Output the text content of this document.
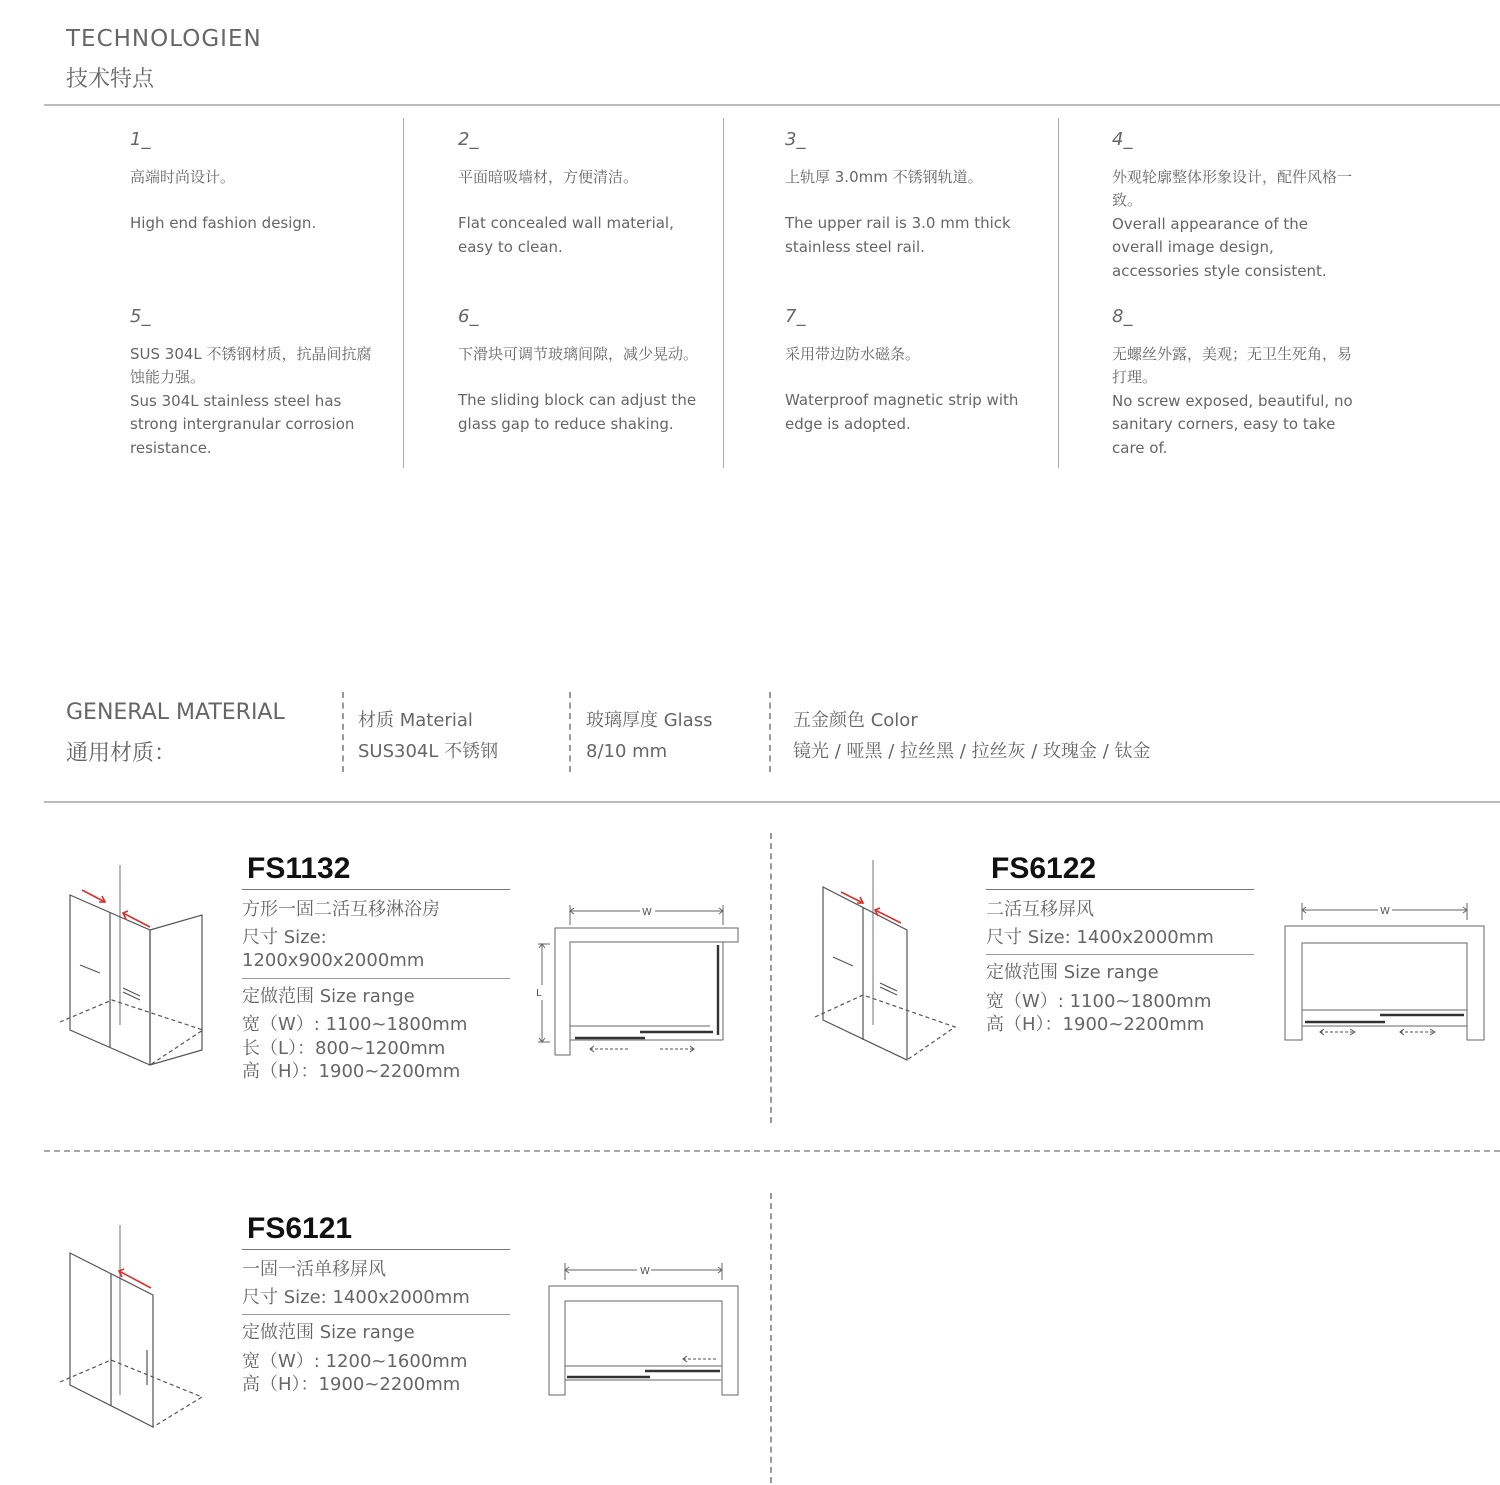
TECHNOLOGIEN
技术特点
1_
高端时尚设计。
High end fashion design.
2_
平面暗吸墙材，方便清洁。
Flat concealed wall material, easy to clean.
3_
上轨厚 3.0mm 不锈钢轨道。
The upper rail is 3.0 mm thick stainless steel rail.
4_
外观轮廓整体形象设计，配件风格一致。
Overall appearance of the overall image design, accessories style consistent.
5_
SUS 304L 不锈钢材质，抗晶间抗腐蚀能力强。
Sus 304L stainless steel has strong intergranular corrosion resistance.
6_
下滑块可调节玻璃间隙，减少晃动。
The sliding block can adjust the glass gap to reduce shaking.
7_
采用带边防水磁条。
Waterproof magnetic strip with edge is adopted.
8_
无螺丝外露，美观；无卫生死角，易打理。
No screw exposed, beautiful, no sanitary corners, easy to take care of.
GENERAL MATERIAL
通用材质：
材质 Material
SUS304L 不锈钢
玻璃厚度 Glass
8/10 mm
五金颜色 Color
镜光 / 哑黑 / 拉丝黑 / 拉丝灰 / 玫瑰金 / 钛金
FS1132
方形一固二活互移淋浴房
尺寸 Size: 1200x900x2000mm
定做范围 Size range
宽（W）: 1100~1800mm
长（L）：800~1200mm
高（H）：1900~2200mm
W
L
FS6122
二活互移屏风
尺寸 Size: 1400x2000mm
定做范围 Size range
宽（W）: 1100~1800mm
高（H）：1900~2200mm
W
FS6121
一固一活单移屏风
尺寸 Size: 1400x2000mm
定做范围 Size range
宽（W）: 1200~1600mm
高（H）：1900~2200mm
W
